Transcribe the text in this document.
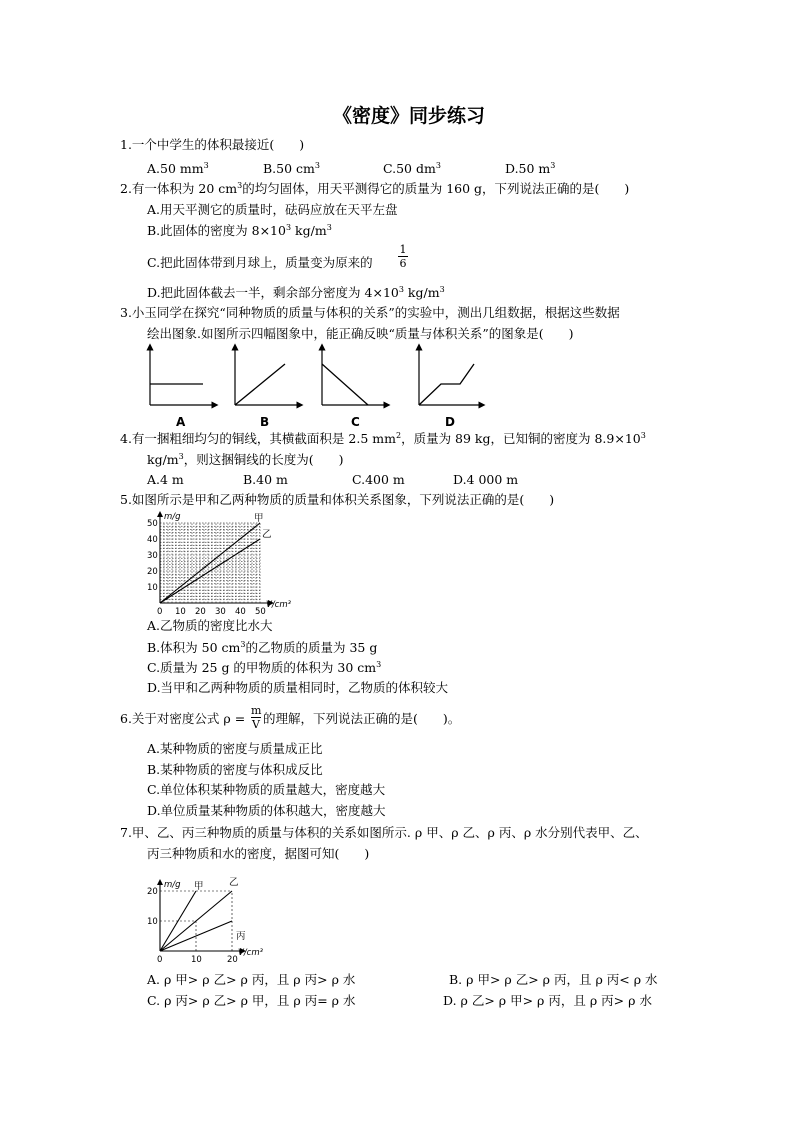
《密度》同步练习
1.一个中学生的体积最接近(　　)
A.50 $mm^3$	B.50 $cm^3$	C.50 $dm^3$	D.50 $m^3$
2.有一体积为 20 $cm^3$的均匀固体，用天平测得它的质量为 160 g，下列说法正确的是(　　)
A.用天平测它的质量时，砝码应放在天平左盘
B.此固体的密度为 $8\times 10^3$ $kg/m^3$
C.把此固体带到月球上，质量变为原来的
1
6
D.把此固体截去一半，剩余部分密度为 $4\times 10^3$ $kg/m^3$
3.小玉同学在探究“同种物质的质量与体积的关系”的实验中，测出几组数据，根据这些数据
绘出图象.如图所示四幅图象中，能正确反映“质量与体积关系”的图象是(　　)
A	B	C	D
4.有一捆粗细均匀的铜线，其横截面积是 2.5 $mm^2$，质量为 89 kg，已知铜的密度为 $8.9\times 10^3$
$kg/m^3$，则这捆铜线的长度为(　　)
A.4 m	B.40 m	C.400 m	D.4 000 m
5.如图所示是甲和乙两种物质的质量和体积关系图象，下列说法正确的是(　　)
0 10 20 30 40 50
10
20
30
40
50	甲
乙
m/g
V/cm³
A.乙物质的密度比水大
B.体积为 50 $cm^3$的乙物质的质量为 35 g
C.质量为 25 g 的甲物质的体积为 30 $cm^3$
D.当甲和乙两种物质的质量相同时，乙物质的体积较大
6.关于对密度公式 ρ =
m
V 的理解，下列说法正确的是(　　)。
A.某种物质的密度与质量成正比
B.某种物质的密度与体积成反比
C.单位体积某种物质的质量越大，密度越大
D.单位质量某种物质的体积越大，密度越大
7.甲、乙、丙三种物质的质量与体积的关系如图所示. ρ 甲、ρ 乙、ρ 丙、ρ 水分别代表甲、乙、
丙三种物质和水的密度，据图可知(　　)
0	10	20
10
20	甲	乙
丙
m/g
V/cm³
A. ρ 甲> ρ 乙> ρ 丙，且 ρ 丙> ρ 水	B. ρ 甲> ρ 乙> ρ 丙，且 ρ 丙< ρ 水
C. ρ 丙> ρ 乙> ρ 甲，且 ρ 丙= ρ 水	D. ρ 乙> ρ 甲> ρ 丙，且 ρ 丙> ρ 水
